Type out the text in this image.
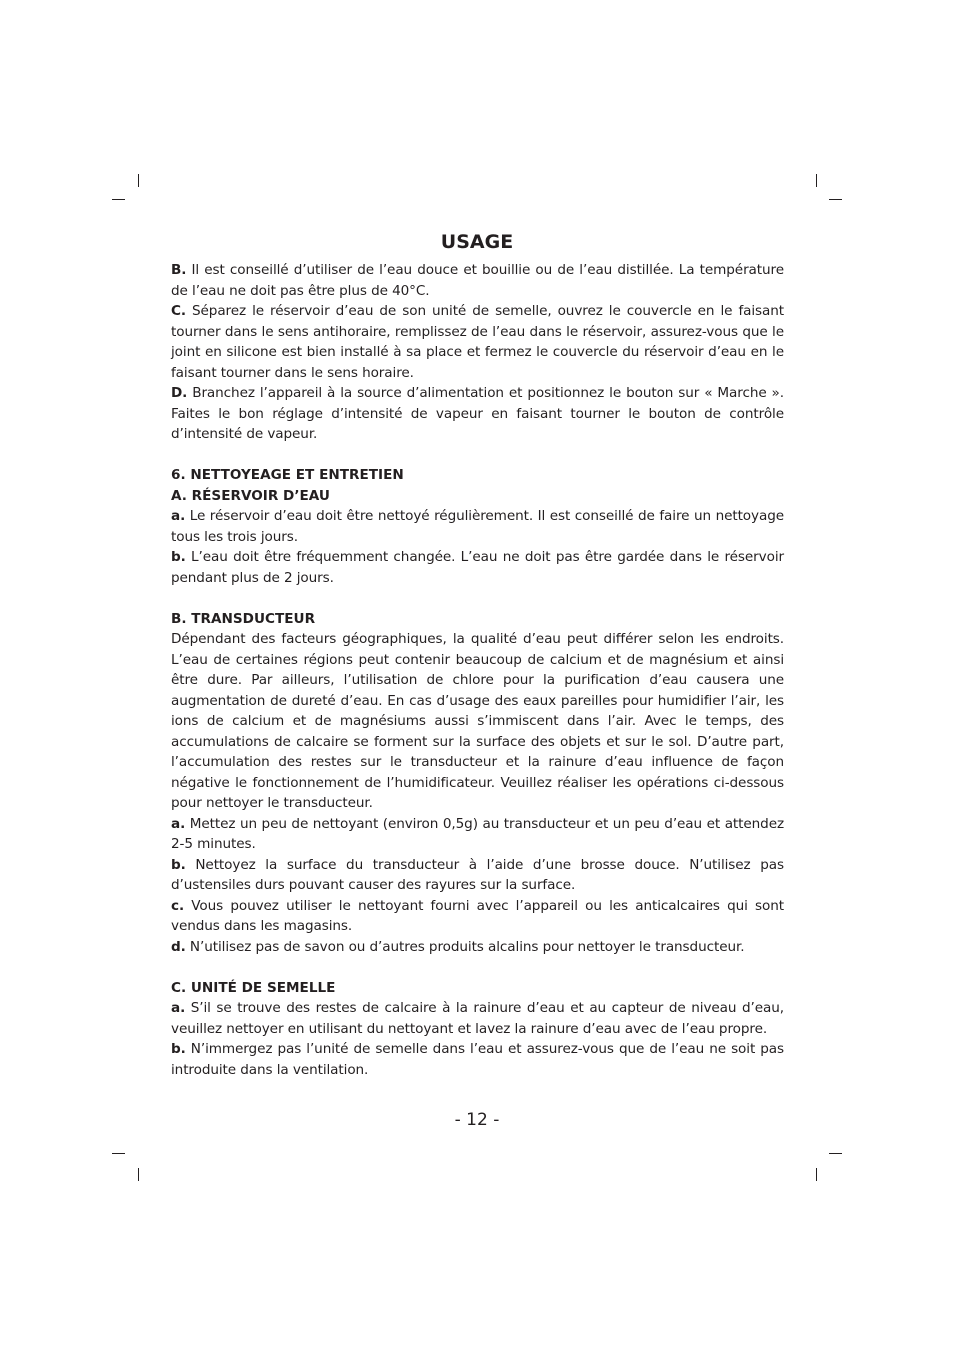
USAGE

B. Il est conseillé d’utiliser de l’eau douce et bouillie ou de l’eau distillée. La température de l’eau ne doit pas être plus de 40°C.

C. Séparez le réservoir d’eau de son unité de semelle, ouvrez le couvercle en le faisant tourner dans le sens antihoraire, remplissez de l’eau dans le réservoir, assurez-vous que le joint en silicone est bien installé à sa place et fermez le couvercle du réservoir d’eau en le faisant tourner dans le sens horaire.

D. Branchez l’appareil à la source d’alimentation et positionnez le bouton sur « Marche ». Faites le bon réglage d’intensité de vapeur en faisant tourner le bouton de contrôle d’intensité de vapeur.

6. NETTOYEAGE ET ENTRETIEN
A. RÉSERVOIR D’EAU

a. Le réservoir d’eau doit être nettoyé régulièrement. Il est conseillé de faire un nettoyage tous les trois jours.

b. L’eau doit être fréquemment changée. L’eau ne doit pas être gardée dans le réservoir pendant plus de 2 jours.

B. TRANSDUCTEUR

Dépendant des facteurs géographiques, la qualité d’eau peut différer selon les endroits. L’eau de certaines régions peut contenir beaucoup de calcium et de magnésium et ainsi être dure. Par ailleurs, l’utilisation de chlore pour la purification d’eau causera une augmentation de dureté d’eau. En cas d’usage des eaux pareilles pour humidifier l’air, les ions de calcium et de magnésiums aussi s’immiscent dans l’air. Avec le temps, des accumulations de calcaire se forment sur la surface des objets et sur le sol. D’autre part, l’accumulation des restes sur le transducteur et la rainure d’eau influence de façon négative le fonctionnement de l’humidificateur. Veuillez réaliser les opérations ci-dessous pour nettoyer le transducteur.

a. Mettez un peu de nettoyant (environ 0,5g) au transducteur et un peu d’eau et attendez 2-5 minutes.

b. Nettoyez la surface du transducteur à l’aide d’une brosse douce. N’utilisez pas d’ustensiles durs pouvant causer des rayures sur la surface.

c. Vous pouvez utiliser le nettoyant fourni avec l’appareil ou les anticalcaires qui sont vendus dans les magasins.

d. N’utilisez pas de savon ou d’autres produits alcalins pour nettoyer le transducteur.

C. UNITÉ DE SEMELLE

a. S’il se trouve des restes de calcaire à la rainure d’eau et au capteur de niveau d’eau, veuillez nettoyer en utilisant du nettoyant et lavez la rainure d’eau avec de l’eau propre.

b. N’immergez pas l’unité de semelle dans l’eau et assurez-vous que de l’eau ne soit pas introduite dans la ventilation.

- 12 -
